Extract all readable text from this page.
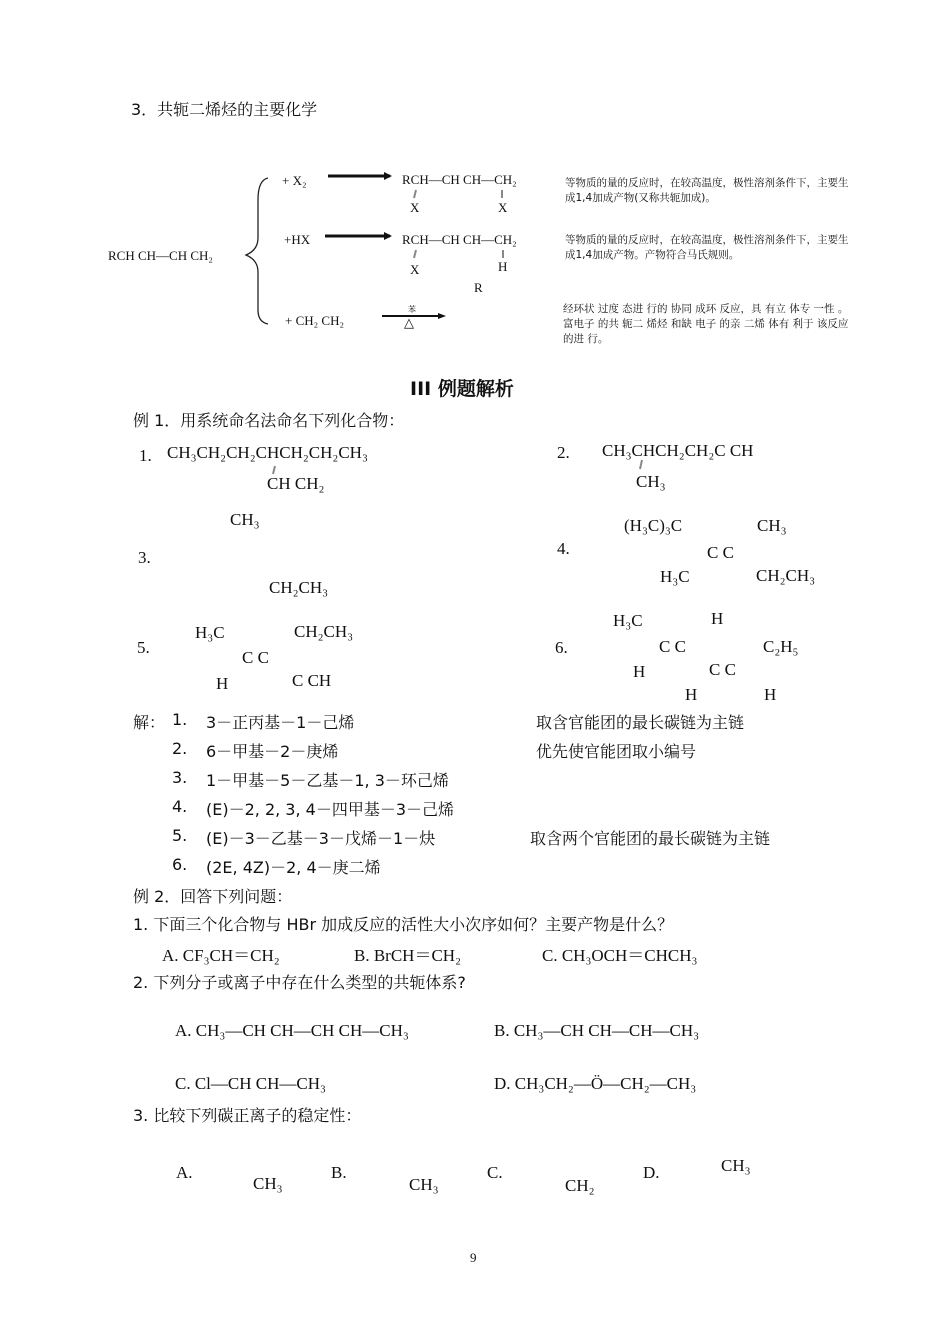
3．共轭二烯烃的主要化学
RCH CH—CH CH₂
+ X₂	RCH—CH CH—CH₂
X	X
等物质的量的反应时，在较高温度，极性溶剂条件下，主要生成1,4加成产物(又称共轭加成)。
+HX	RCH—CH CH—CH₂
X	H
R
等物质的量的反应时，在较高温度，极性溶剂条件下，主要生成1,4加成产物。产物符合马氏规则。
+ CH₂ CH₂
苯
△
经环状 过度 态进 行的 协同 成环 反应，具 有立 体专 一性 。富电子 的共 轭二 烯烃 和缺 电子 的亲 二烯 体有 利于 该反应的进 行。
III 例题解析
例 1．用系统命名法命名下列化合物：
1. CH₃CH₂CH₂CHCH₂CH₂CH₃
CH CH₂
2. CH₃CHCH₂CH₂C CH
CH₃
3.
CH₃
CH₂CH₃
4.
(H₃C)₃C	CH₃
C C
H₃C	CH₂CH₃
5.
H₃C	CH₂CH₃
C C
H	C CH
6.
H₃C	H
C C	C₂H₅
H	C C
H	H
解： 1. 3－正丙基－1－己烯	取含官能团的最长碳链为主链
2. 6－甲基－2－庚烯	优先使官能团取小编号
3. 1－甲基－5－乙基－1, 3－环己烯
4. (E)－2, 2, 3, 4－四甲基－3－己烯
5. (E)－3－乙基－3－戊烯－1－炔	取含两个官能团的最长碳链为主链
6. (2E, 4Z)－2, 4－庚二烯
例 2．回答下列问题：
1. 下面三个化合物与 HBr 加成反应的活性大小次序如何？主要产物是什么？
A. CF₃CH＝CH₂	B. BrCH＝CH₂	C. CH₃OCH＝CHCH₃
2. 下列分子或离子中存在什么类型的共轭体系?
A. CH₃—CH CH—CH CH—CH₃	B. CH₃—CH CH—CH—CH₃
C. Cl—CH CH—CH₃	D. CH₃CH₂—Ö—CH₂—CH₃
3. 比较下列碳正离子的稳定性：
A.
CH₃
B.
CH₃
C.
CH₂
D.	CH₃
9
